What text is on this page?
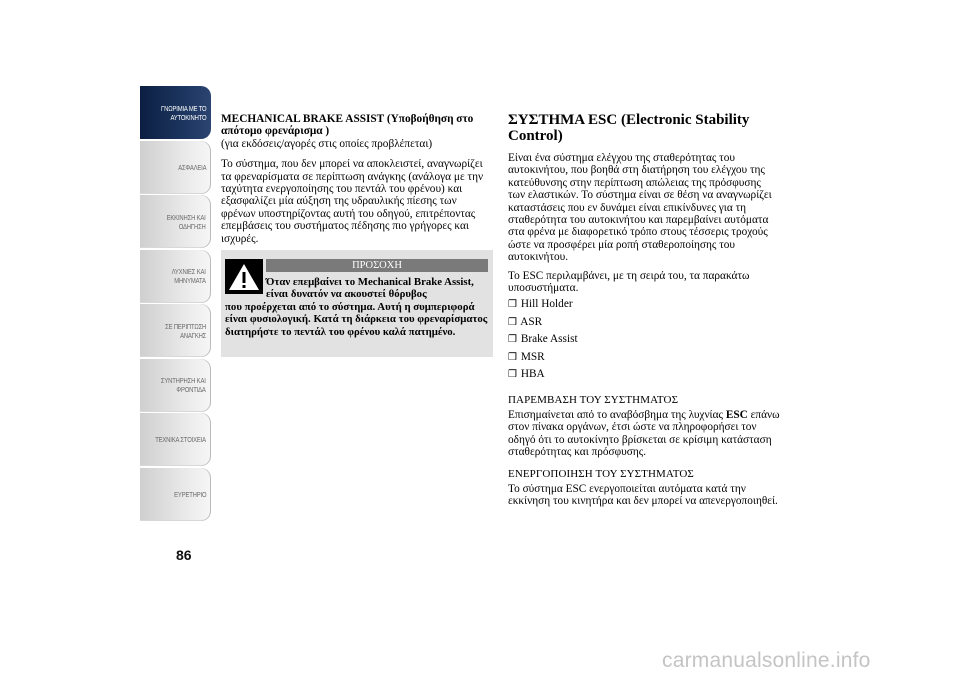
ΓΝΩΡΙΜΙΑ ΜΕ ΤΟ
ΑΥΤΟΚΙΝΗΤΟ
ΑΣΦΑΛΕΙΑ
ΕΚΚΙΝΗΣΗ ΚΑΙ
ΟΔΗΓΗΣΗ
ΛΥΧΝΙΕΣ ΚΑΙ
ΜΗΝΥΜΑΤΑ
ΣΕ ΠΕΡΙΠΤΩΣΗ
ΑΝΑΓΚΗΣ
ΣΥΝΤΗΡΗΣΗ ΚΑΙ
ΦΡΟΝΤΙΔΑ
ΤΕΧΝΙΚΑ ΣΤΟΙΧΕΙΑ
ΕΥΡΕΤΗΡΙΟ
86

MECHANICAL BRAKE ASSIST (Υποβοήθηση στο απότομο φρενάρισμα )

(για εκδόσεις/αγορές στις οποίες προβλέπεται)

Το σύστημα, που δεν μπορεί να αποκλειστεί, αναγνωρίζει τα φρεναρίσματα σε περίπτωση ανάγκης (ανάλογα με την ταχύτητα ενεργοποίησης του πεντάλ του φρένου) και εξασφαλίζει μία αύξηση της υδραυλικής πίεσης των φρένων υποστηρίζοντας αυτή του οδηγού, επιτρέποντας επεμβάσεις του συστήματος πέδησης πιο γρήγορες και ισχυρές.

ΠΡΟΣΟΧΗ
Όταν επεμβαίνει το Mechanical Brake Assist, είναι δυνατόν να ακουστεί θόρυβος
που προέρχεται από το σύστημα. Αυτή η συμπεριφορά είναι φυσιολογική. Κατά τη διάρκεια του φρεναρίσματος διατηρήστε το πεντάλ του φρένου καλά πατημένο.
ΣΥΣΤΗΜΑ ESC (Electronic Stability Control)

Είναι ένα σύστημα ελέγχου της σταθερότητας του αυτοκινήτου, που βοηθά στη διατήρηση του ελέγχου της κατεύθυνσης στην περίπτωση απώλειας της πρόσφυσης των ελαστικών. Το σύστημα είναι σε θέση να αναγνωρίζει καταστάσεις που εν δυνάμει είναι επικίνδυνες για τη σταθερότητα του αυτοκινήτου και παρεμβαίνει αυτόματα στα φρένα με διαφορετικό τρόπο στους τέσσερις τροχούς ώστε να προσφέρει μία ροπή σταθεροποίησης του αυτοκινήτου.

Το ESC περιλαμβάνει, με τη σειρά του, τα παρακάτω υποσυστήματα.

❒ Hill Holder
❒ ASR
❒ Brake Assist
❒ MSR
❒ HBA

ΠΑΡΕΜΒΑΣΗ ΤΟΥ ΣΥΣΤΗΜΑΤΟΣ

Επισημαίνεται από το αναβόσβημα της λυχνίας ESC επάνω στον πίνακα οργάνων, έτσι ώστε να πληροφορήσει τον οδηγό ότι το αυτοκίνητο βρίσκεται σε κρίσιμη κατάσταση σταθερότητας και πρόσφυσης.

ΕΝΕΡΓΟΠΟΙΗΣΗ ΤΟΥ ΣΥΣΤΗΜΑΤΟΣ

Το σύστημα ESC ενεργοποιείται αυτόματα κατά την εκκίνηση του κινητήρα και δεν μπορεί να απενεργοποιηθεί.

carmanualsonline.info
